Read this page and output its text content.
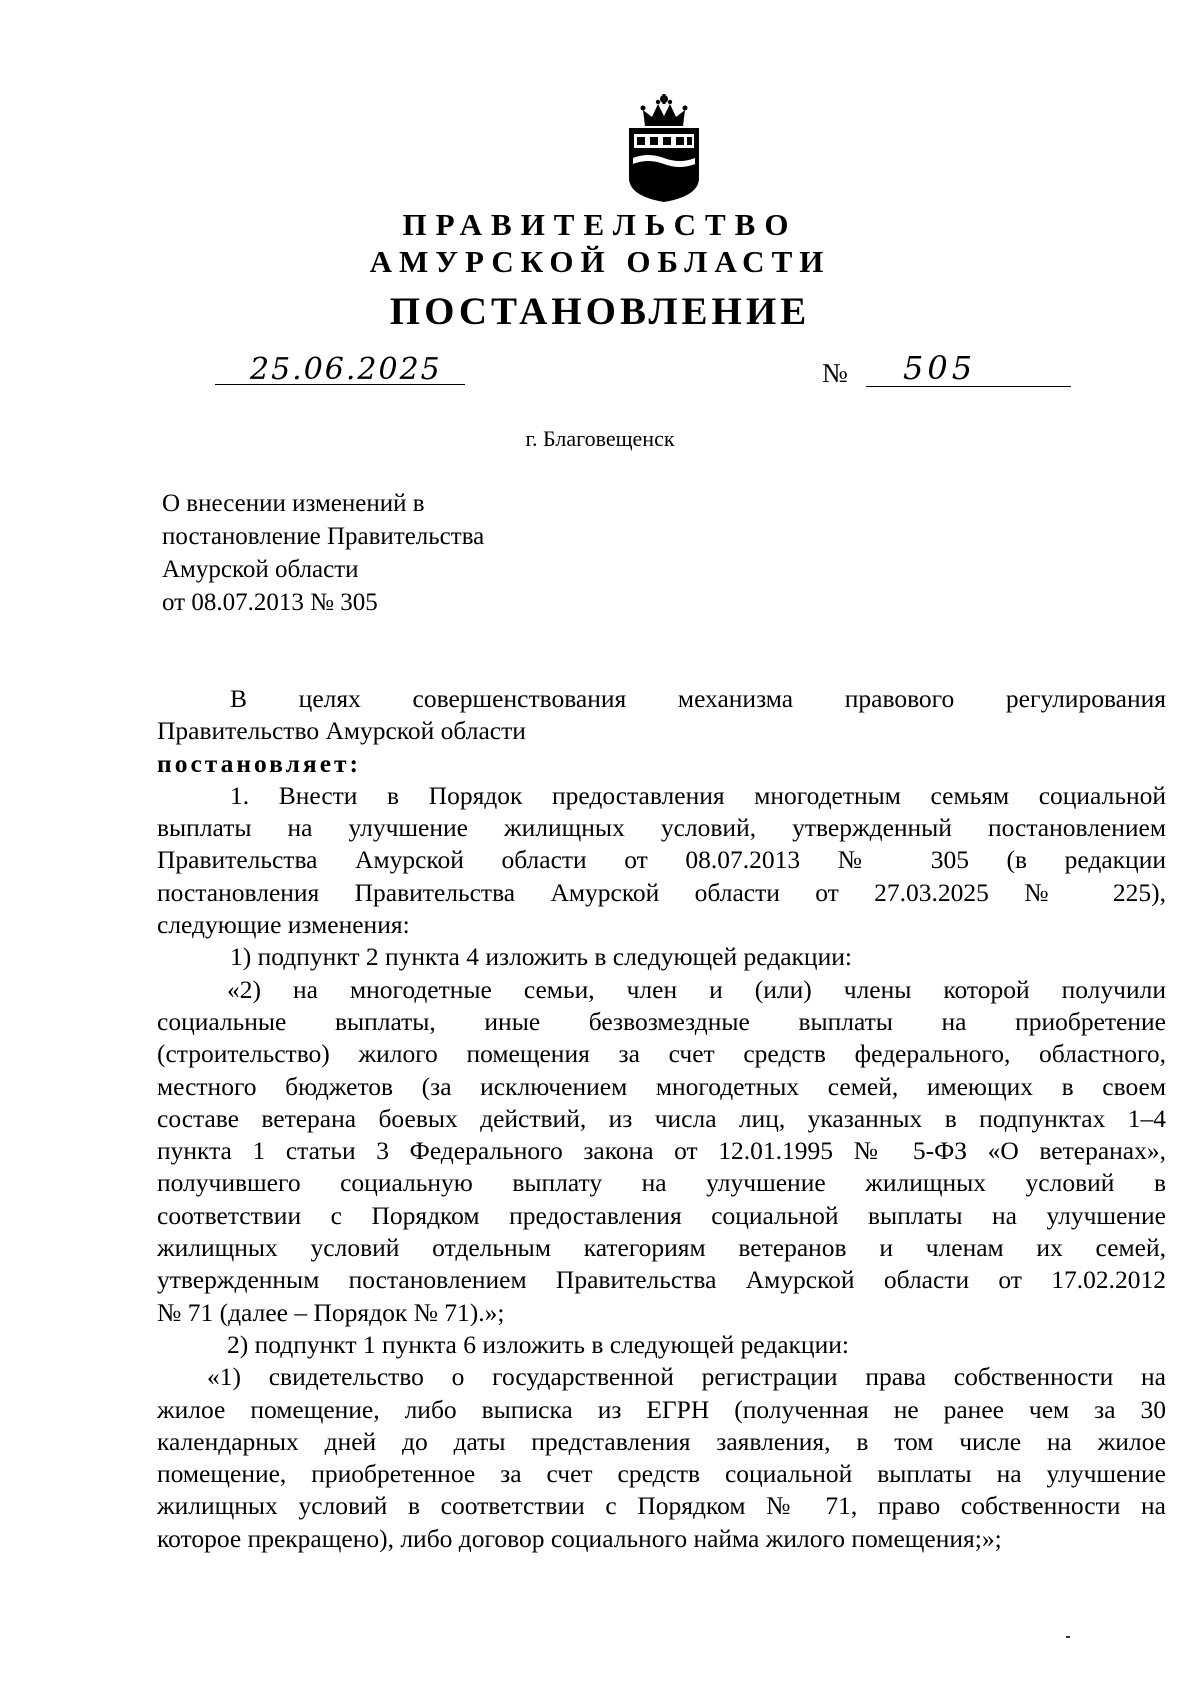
ПРАВИТЕЛЬСТВО
АМУРСКОЙ ОБЛАСТИ
ПОСТАНОВЛЕНИЕ
25.06.2025	№ 505
г. Благовещенск
О внесении изменений в
постановление Правительства
Амурской области
от 08.07.2013 № 305
В целях совершенствования механизма правового регулирования
Правительство Амурской области
постановляет:
1. Внести в Порядок предоставления многодетным семьям социальной
выплаты на улучшение жилищных условий, утвержденный постановлением
Правительства Амурской области от 08.07.2013 № 305 (в редакции
постановления Правительства Амурской области от 27.03.2025 № 225),
следующие изменения:
1) подпункт 2 пункта 4 изложить в следующей редакции:
«2) на многодетные семьи, член и (или) члены которой получили
социальные выплаты, иные безвозмездные выплаты на приобретение
(строительство) жилого помещения за счет средств федерального, областного,
местного бюджетов (за исключением многодетных семей, имеющих в своем
составе ветерана боевых действий, из числа лиц, указанных в подпунктах 1–4
пункта 1 статьи 3 Федерального закона от 12.01.1995 № 5-ФЗ «О ветеранах»,
получившего социальную выплату на улучшение жилищных условий в
соответствии с Порядком предоставления социальной выплаты на улучшение
жилищных условий отдельным категориям ветеранов и членам их семей,
утвержденным постановлением Правительства Амурской области от 17.02.2012
№ 71 (далее – Порядок № 71).»;
2) подпункт 1 пункта 6 изложить в следующей редакции:
«1) свидетельство о государственной регистрации права собственности на
жилое помещение, либо выписка из ЕГРН (полученная не ранее чем за 30
календарных дней до даты представления заявления, в том числе на жилое
помещение, приобретенное за счет средств социальной выплаты на улучшение
жилищных условий в соответствии с Порядком № 71, право собственности на
которое прекращено), либо договор социального найма жилого помещения;»;
